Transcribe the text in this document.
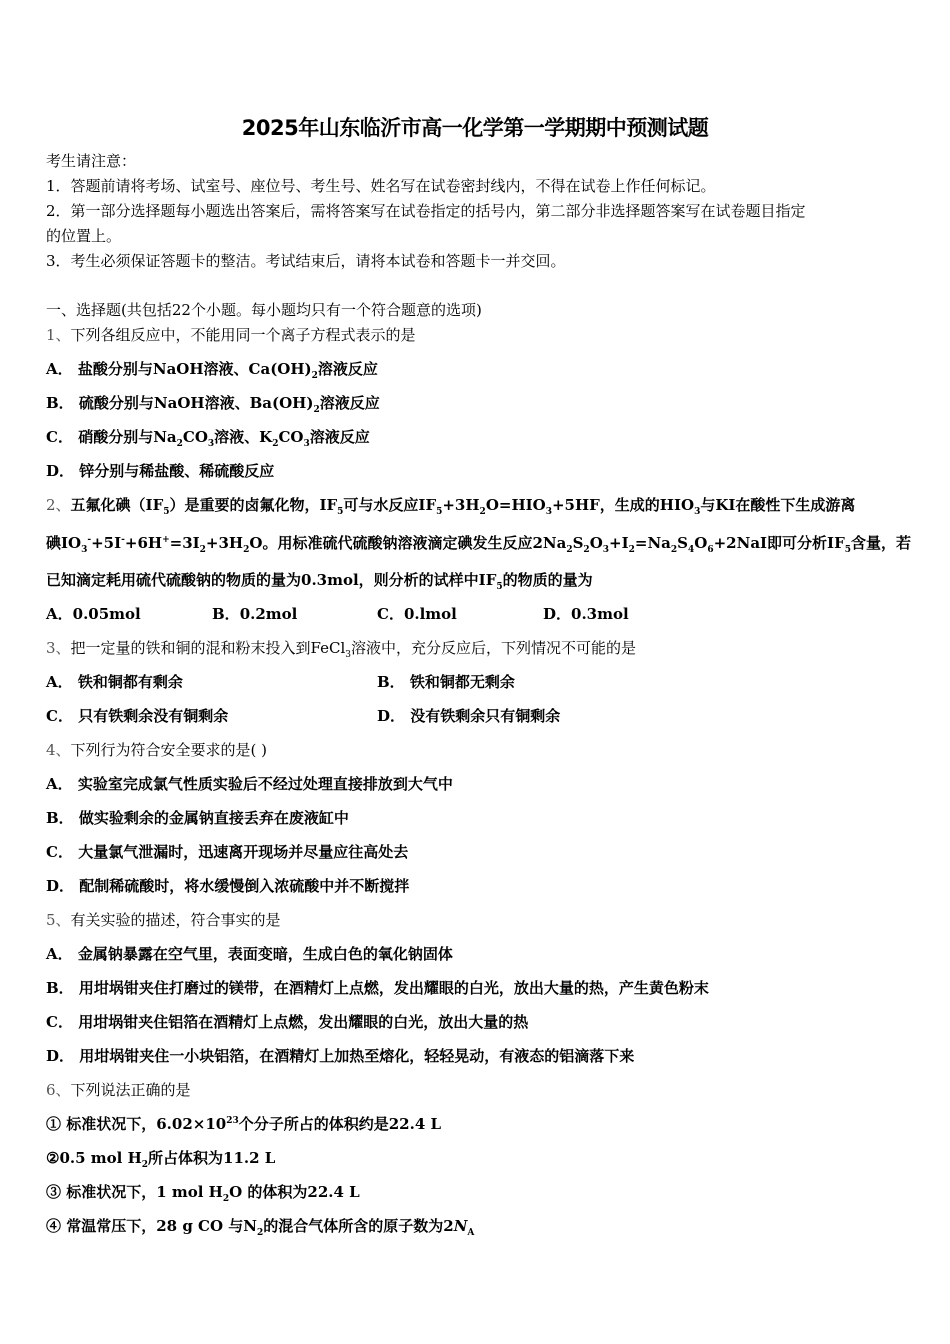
2025年山东临沂市高一化学第一学期期中预测试题
考生请注意：
1．答题前请将考场、试室号、座位号、考生号、姓名写在试卷密封线内，不得在试卷上作任何标记。
2．第一部分选择题每小题选出答案后，需将答案写在试卷指定的括号内，第二部分非选择题答案写在试卷题目指定
的位置上。
3．考生必须保证答题卡的整洁。考试结束后，请将本试卷和答题卡一并交回。
一、选择题(共包括22个小题。每小题均只有一个符合题意的选项)
1、下列各组反应中，不能用同一个离子方程式表示的是
A． 盐酸分别与NaOH溶液、$Ca(OH)_2$溶液反应
B． 硫酸分别与NaOH溶液、$Ba(OH)_2$溶液反应
C． 硝酸分别与$Na_2CO_3$溶液、$K_2CO_3$溶液反应
D． 锌分别与稀盐酸、稀硫酸反应
2、五氟化碘$(IF_5)$是重要的卤氟化物，$IF_5$可与水反应$IF_5+3H_2O=HIO_3+5HF$，生成的$HIO_3$与KI在酸性下生成游离
碘$IO_3^-+5I^-+6H^+=3I_2+3H_2O$。用标准硫代硫酸钠溶液滴定碘发生反应$2Na_2S_2O_3+I_2=Na_2S_4O_6+2NaI$即可分析$IF_5$含量，若
已知滴定耗用硫代硫酸钠的物质的量为0.3mol，则分析的试样中$IF_5$的物质的量为
A．0.05mol	B．0.2mol	C．0.lmol	D．0.3mol
3、把一定量的铁和铜的混和粉末投入到FeCl$_3$溶液中，充分反应后，下列情况不可能的是
A． 铁和铜都有剩余	B． 铁和铜都无剩余
C． 只有铁剩余没有铜剩余	D． 没有铁剩余只有铜剩余
4、下列行为符合安全要求的是( )
A． 实验室完成氯气性质实验后不经过处理直接排放到大气中
B． 做实验剩余的金属钠直接丢弃在废液缸中
C． 大量氯气泄漏时，迅速离开现场并尽量应往高处去
D． 配制稀硫酸时，将水缓慢倒入浓硫酸中并不断搅拌
5、有关实验的描述，符合事实的是
A． 金属钠暴露在空气里，表面变暗，生成白色的氧化钠固体
B． 用坩埚钳夹住打磨过的镁带，在酒精灯上点燃，发出耀眼的白光，放出大量的热，产生黄色粉末
C． 用坩埚钳夹住铝箔在酒精灯上点燃，发出耀眼的白光，放出大量的热
D． 用坩埚钳夹住一小块铝箔，在酒精灯上加热至熔化，轻轻晃动，有液态的铝滴落下来
6、下列说法正确的是
① 标准状况下，$6.02\times 10^{23}$个分子所占的体积约是22.4 L
②0.5 mol $H_2$所占体积为11.2 L
③ 标准状况下，1 mol $H_2O$ 的体积为22.4 L
④ 常温常压下，28 g CO 与$N_2$的混合气体所含的原子数为$2N_A$
